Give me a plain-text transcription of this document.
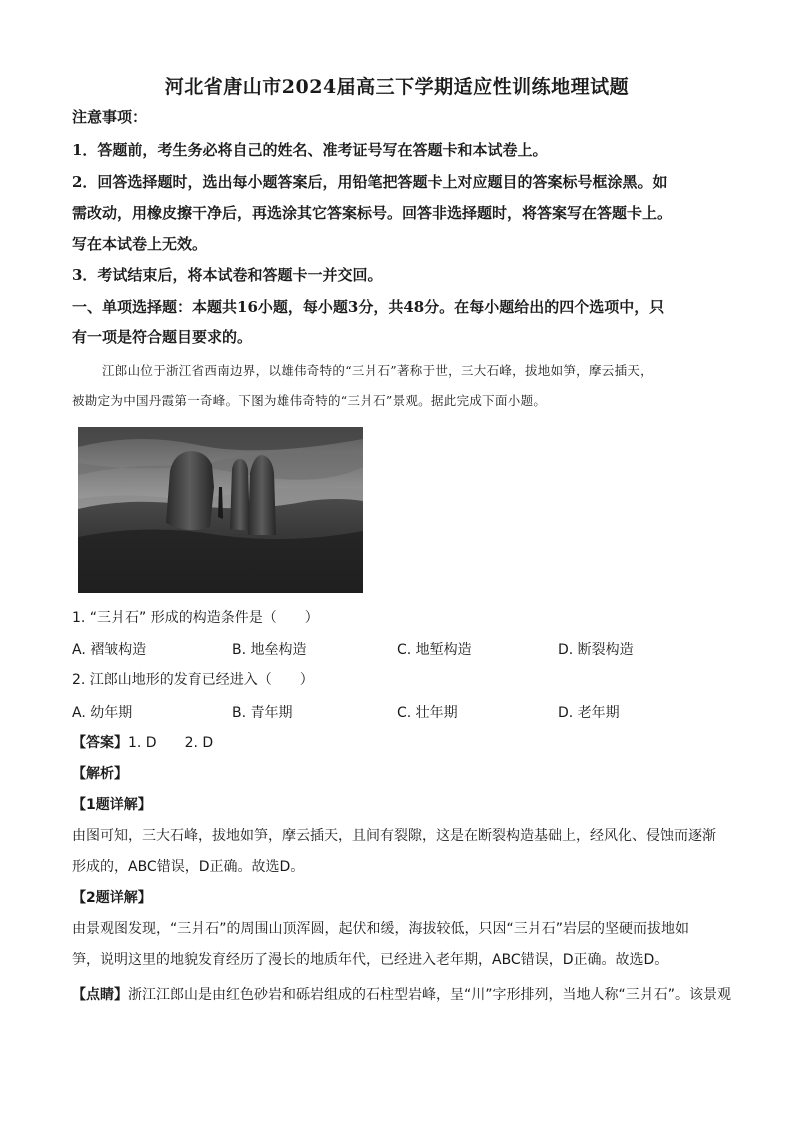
河北省唐山市2024届高三下学期适应性训练地理试题
注意事项：
1．答题前，考生务必将自己的姓名、准考证号写在答题卡和本试卷上。
2．回答选择题时，选出每小题答案后，用铅笔把答题卡上对应题目的答案标号框涂黑。如
需改动，用橡皮擦干净后，再选涂其它答案标号。回答非选择题时，将答案写在答题卡上。
写在本试卷上无效。
3．考试结束后，将本试卷和答题卡一并交回。
一、单项选择题：本题共16小题，每小题3分，共48分。在每小题给出的四个选项中，只
有一项是符合题目要求的。
江郎山位于浙江省西南边界，以雄伟奇特的“三爿石”著称于世，三大石峰，拔地如笋，摩云插天，
被勘定为中国丹霞第一奇峰。下图为雄伟奇特的“三爿石”景观。据此完成下面小题。
1. “三爿石” 形成的构造条件是（　　）
A. 褶皱构造	B. 地垒构造	C. 地堑构造	D. 断裂构造
2. 江郎山地形的发育已经进入（　　）
A. 幼年期	B. 青年期	C. 壮年期	D. 老年期
【答案】1. D　　2. D
【解析】
【1题详解】
由图可知，三大石峰，拔地如笋，摩云插天，且间有裂隙，这是在断裂构造基础上，经风化、侵蚀而逐渐
形成的，ABC错误，D正确。故选D。
【2题详解】
由景观图发现，“三爿石”的周围山顶浑圆，起伏和缓，海拔较低，只因“三爿石”岩层的坚硬而拔地如
笋，说明这里的地貌发育经历了漫长的地质年代，已经进入老年期，ABC错误，D正确。故选D。
【点睛】浙江江郎山是由红色砂岩和砾岩组成的石柱型岩峰，呈“川”字形排列，当地人称“三爿石”。该景观
